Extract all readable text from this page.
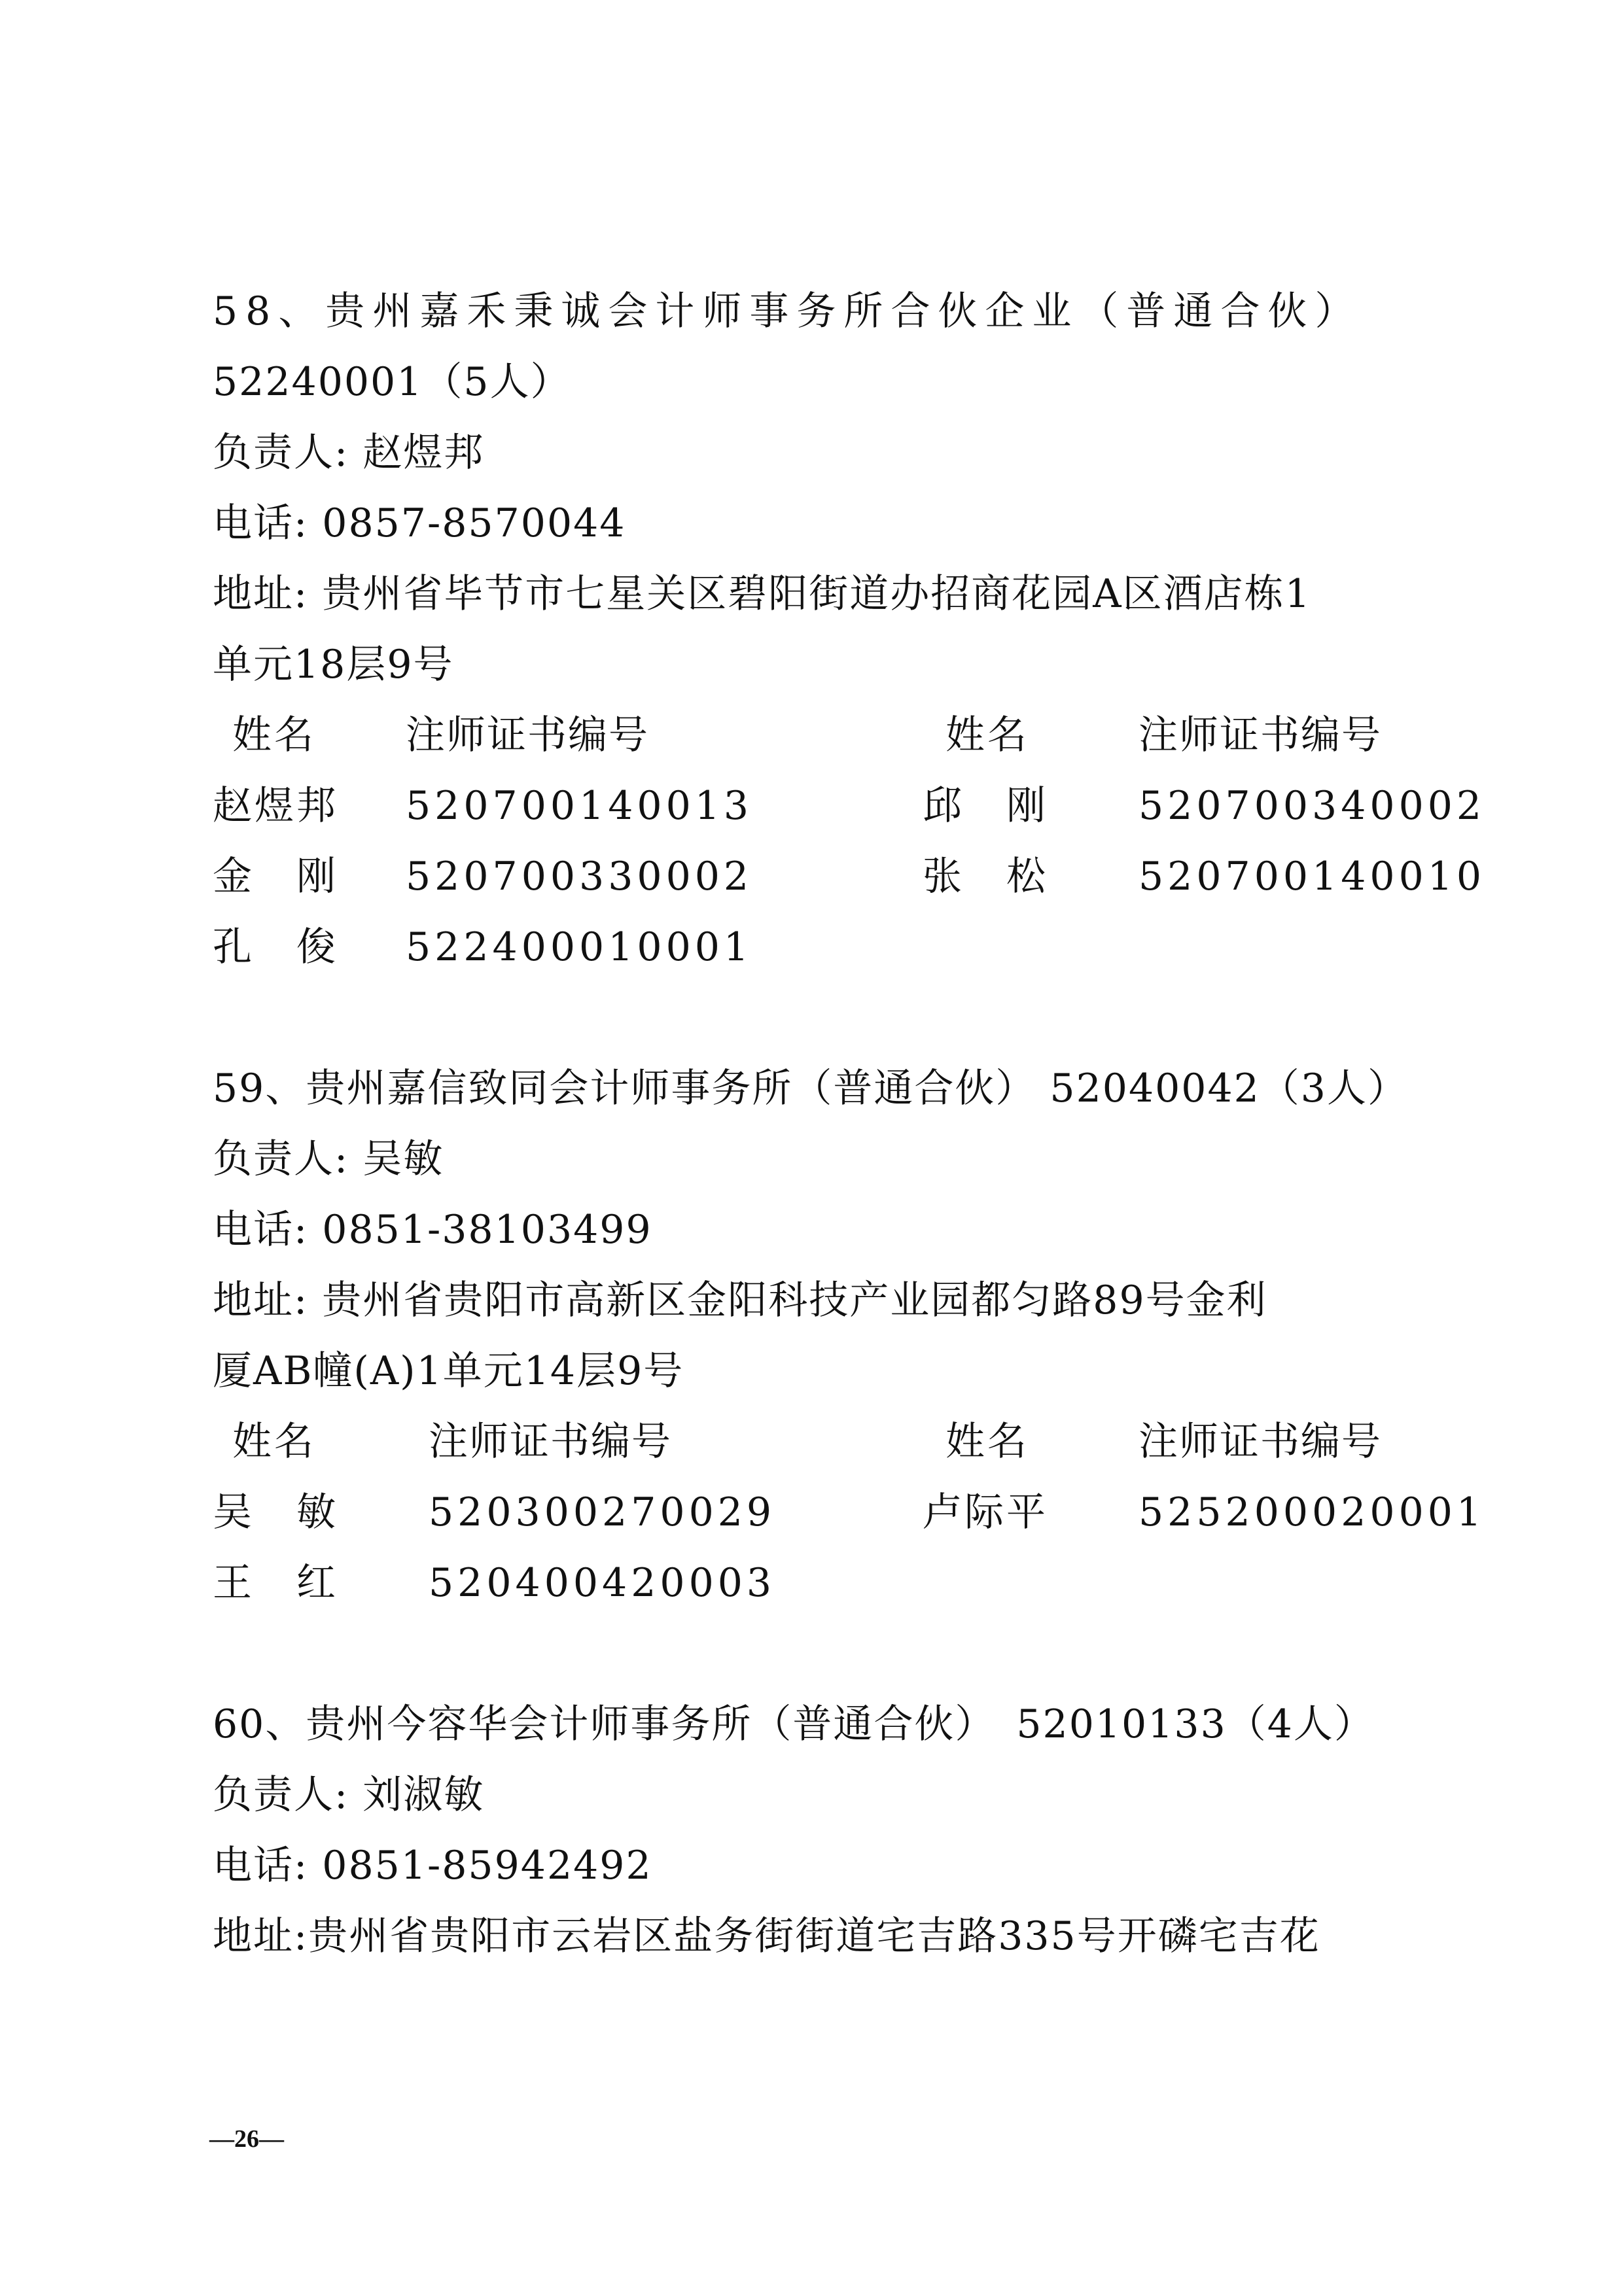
58、贵州嘉禾秉诚会计师事务所合伙企业（普通合伙）
52240001（5人）
负责人: 赵煜邦
电话: 0857-8570044
地址: 贵州省毕节市七星关区碧阳街道办招商花园A区酒店栋1
单元18层9号
姓名 注师证书编号	姓名	注师证书编号
赵煜邦 520700140013	邱　刚 520700340002
金　刚 520700330002	张　松 520700140010
孔　俊 522400010001
59、贵州嘉信致同会计师事务所（普通合伙） 52040042（3人）
负责人: 吴敏
电话: 0851-38103499
地址: 贵州省贵阳市高新区金阳科技产业园都匀路89号金利
厦AB幢(A)1单元14层9号
姓名	注师证书编号	姓名	注师证书编号
吴　敏 520300270029	卢际平 525200020001
王　红 520400420003
60、贵州今容华会计师事务所（普通合伙）　52010133（4人）
负责人: 刘淑敏
电话: 0851-85942492
地址:贵州省贵阳市云岩区盐务街街道宅吉路335号开磷宅吉花
—26—
